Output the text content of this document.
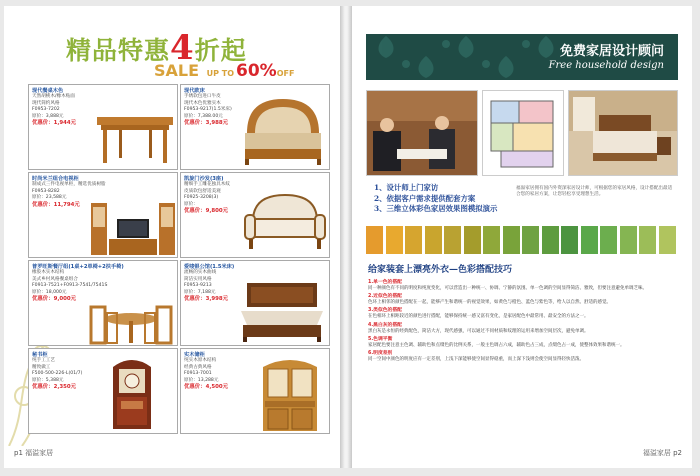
精品特惠4折起
SALE UP TO 60%OFF
现代餐桌木色
天然胡桃木/橡木贴面
现代简约风格
F0953-7202
原价：3,888元
优惠价：1,944元
现代欧床
手绣软包进口牛皮
现代木色优雅实木
F0953-9217(1.5米床)
原价：7,388.00元
优惠价：3,988元
时尚米兰组合电视柜
制成式三件电视单柜，精选优质树脂
F0953-8282
原价：23,588元
优惠价：11,794元
凯旋门沙发(3座)
精细手工雕花独具木纹
皮质软包舒适美观
F0925-3208(3)
原价：
优惠价：9,800元
普罗旺斯餐厅组(1桌+2单椅+2扶手椅)
橡胶木实木结构
美式乡村风格餐桌组合
F0913-7521+F0913-7541/7541S
原价：18,000元
优惠价：9,000元
爱唛银公馆(1.5米床)
流畅的实木曲线
简洁实用风格
F0953-9213
原价：7,188元
优惠价：3,998元
秘书柜
纯手工工艺
精致做工
F500-500-226-L(01/7)
原价：5,388元
优惠价：2,350元
实木储柜
纯实木原木结构
经典古典风格
F0913-7001
原价：13,288元
优惠价：4,500元
p1 福溢家居
免费家居设计顾问
Free household design
1、设计师上门家访
2、依据客户需求提供配套方案
3、三维立体彩色家居效果图模拟演示
福溢家居拥有国内外资深家居设计师，可根据您的家居风格，设计搭配出最适合您的家居方案，让您轻松享受理想生活。
给家装套上漂亮外衣—色彩搭配技巧

1.单一色的搭配

同一种颜色有不同的明度和纯度变化，可以营造出一种统一、协调、宁静的氛围。单一色调的空间显得简洁、雅致，但要注意避免单调乏味。

2.近似色的搭配

色环上相邻的颜色搭配在一起，能够产生和谐统一的视觉效果，如黄色与橙色、蓝色与紫色等，给人以自然、舒适的感觉。

3.类似色的搭配

在色相环上相距较近的颜色进行搭配，能够保持统一感又富有变化，是家居配色中最常用、最安全的方法之一。

4.黑白灰的搭配

黑白灰是永恒的经典配色，简洁大方，现代感强，可以通过不同材质和纹理的运用来增加空间层次，避免单调。

5.色调平衡

家居配色要注意主色调、辅助色和点缀色的比例关系，一般主色调占六成，辅助色占三成，点缀色占一成，使整体效果和谐统一。

6.明度差别

同一空间中颜色的明度应有一定差别，上浅下深能够使空间显得稳重，而上深下浅则会使空间显得轻快活泼。

福溢家居 p2
